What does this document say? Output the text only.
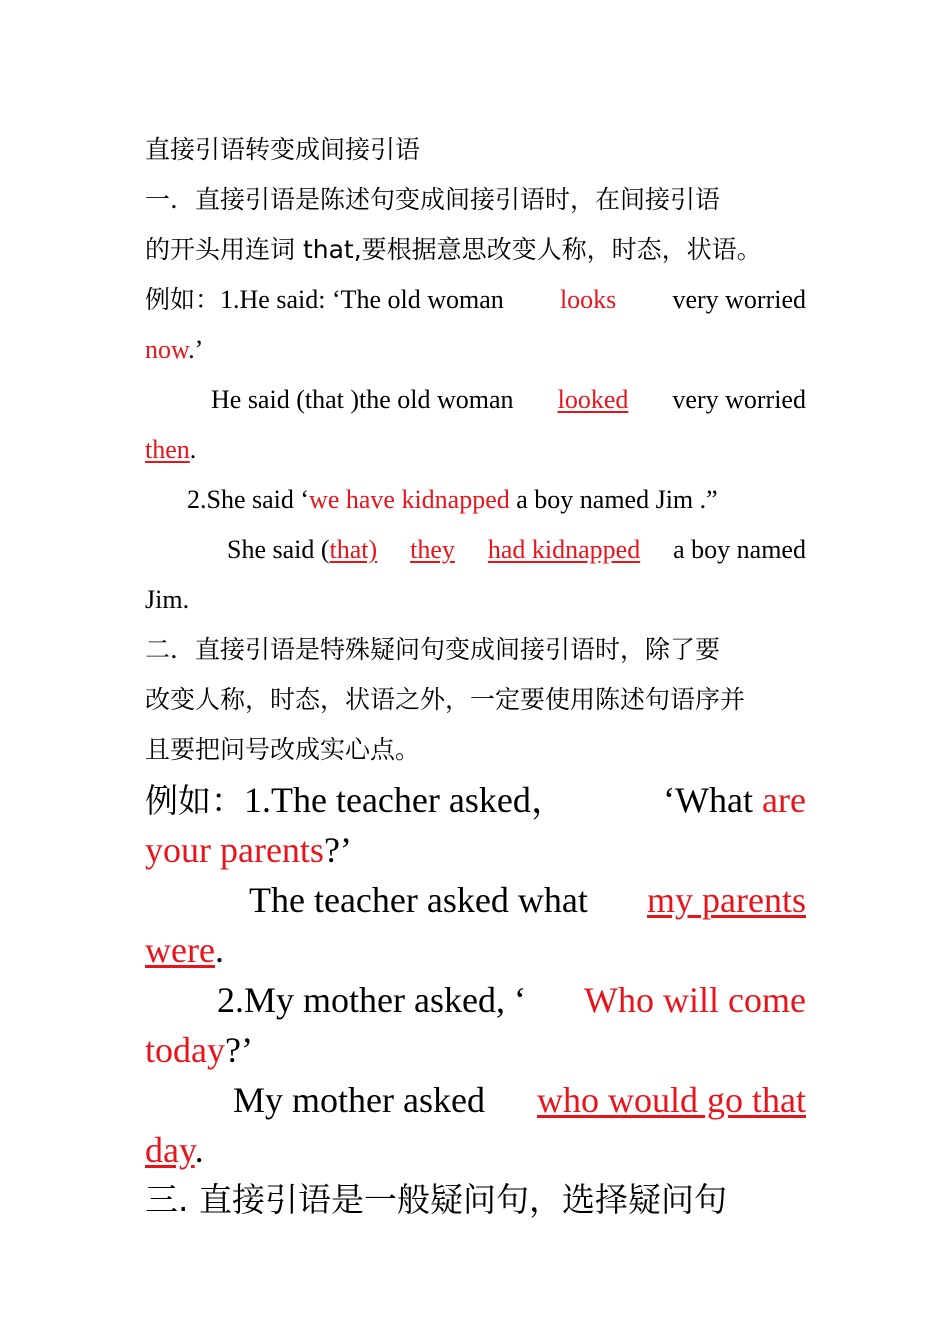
直接引语转变成间接引语
一．直接引语是陈述句变成间接引语时，在间接引语
的开头用连词 that,要根据意思改变人称，时态，状语。
例如：1.He said: ‘The old woman looks very worried
now.’
He said (that )the old woman looked very worried
then.
2.She said ‘we have kidnapped a boy named Jim .”
She said (that) they had kidnapped a boy named
Jim.
二．直接引语是特殊疑问句变成间接引语时，除了要
改变人称，时态，状语之外，一定要使用陈述句语序并
且要把问号改成实心点。
例如：1.The teacher asked，	‘What are
your parents?’
The teacher asked what my parents
were.
2.My mother asked, ‘ Who will come
today?’
My mother asked who would go that
day.
三. 直接引语是一般疑问句，选择疑问句
